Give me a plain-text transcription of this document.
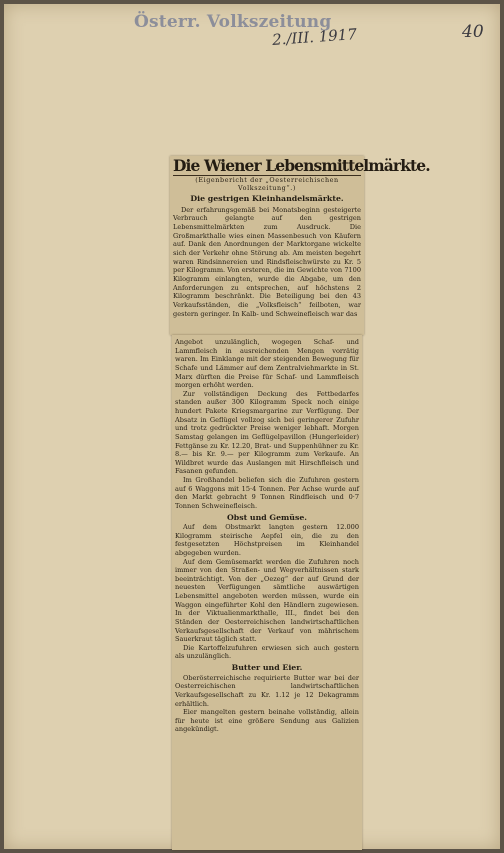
Österr. Volkszeitung
2./III. 1917	40
Die Wiener Lebensmittelmärkte.
(Eigenbericht der „Oesterreichischen Volkszeitung“.)
Die gestrigen Kleinhandelsmärkte.

Der erfahrungsgemäß bei Monatsbeginn gesteigerte Verbrauch gelangte auf den gestrigen Lebensmittelmärkten zum Ausdruck. Die Großmarkthalle wies einen Massenbesuch von Käufern auf. Dank den Anordnungen der Marktorgane wickelte sich der Verkehr ohne Störung ab. Am meisten begehrt waren Rindsinnereien und Rindsfleischwürste zu Kr. 5 per Kilogramm. Von ersteren, die im Gewichte von 7100 Kilogramm einlangten, wurde die Abgabe, um den Anforderungen zu entsprechen, auf höchstens 2 Kilogramm beschränkt. Die Beteiligung bei den 43 Verkaufsständen, die „Volksfleisch“ feilboten, war gestern geringer. In Kalb- und Schweinefleisch war das

Angebot unzulänglich, wogegen Schaf- und Lammfleisch in ausreichenden Mengen vorrätig waren. Im Einklange mit der steigenden Bewegung für Schafe und Lämmer auf dem Zentralviehmarkte in St. Marx dürften die Preise für Schaf- und Lammfleisch morgen erhöht werden.

Zur vollständigen Deckung des Fettbedarfes standen außer 300 Kilogramm Speck noch einige hundert Pakete Kriegsmargarine zur Verfügung. Der Absatz in Geflügel vollzog sich bei geringerer Zufuhr und trotz gedrückter Preise weniger lebhaft. Morgen Samstag gelangen im Geflügelpavillon (Hungerleider) Fettgänse zu Kr. 12.20, Brat- und Suppenhühner zu Kr. 8.— bis Kr. 9.— per Kilogramm zum Verkaufe. An Wildbret wurde das Auslangen mit Hirschfleisch und Fasanen gefunden.

Im Großhandel beliefen sich die Zufuhren gestern auf 6 Waggons mit 15·4 Tonnen. Per Achse wurde auf den Markt gebracht 9 Tonnen Rindfleisch und 0·7 Tonnen Schweinefleisch.

Obst und Gemüse.

Auf dem Obstmarkt langten gestern 12.000 Kilogramm steirische Aepfel ein, die zu den festgesetzten Höchstpreisen im Kleinhandel abgegeben wurden.

Auf dem Gemüsemarkt werden die Zufuhren noch immer von den Straßen- und Wegverhältnissen stark beeinträchtigt. Von der „Oezeg“ der auf Grund der neuesten Verfügungen sämtliche auswärtigen Lebensmittel angeboten werden müssen, wurde ein Waggon eingeführter Kohl den Händlern zugewiesen. In der Viktualienmarkthalle, III., findet bei den Ständen der Oesterreichischen landwirtschaftlichen Verkaufsgesellschaft der Verkauf von mährischem Sauerkraut täglich statt.

Die Kartoffelzufuhren erwiesen sich auch gestern als unzulänglich.

Butter und Eier.

Oberösterreichische requirierte Butter war bei der Oesterreichischen landwirtschaftlichen Verkaufsgesellschaft zu Kr. 1.12 je 12 Dekagramm erhältlich.

Eier mangelten gestern beinahe vollständig, allein für heute ist eine größere Sendung aus Galizien angekündigt.
